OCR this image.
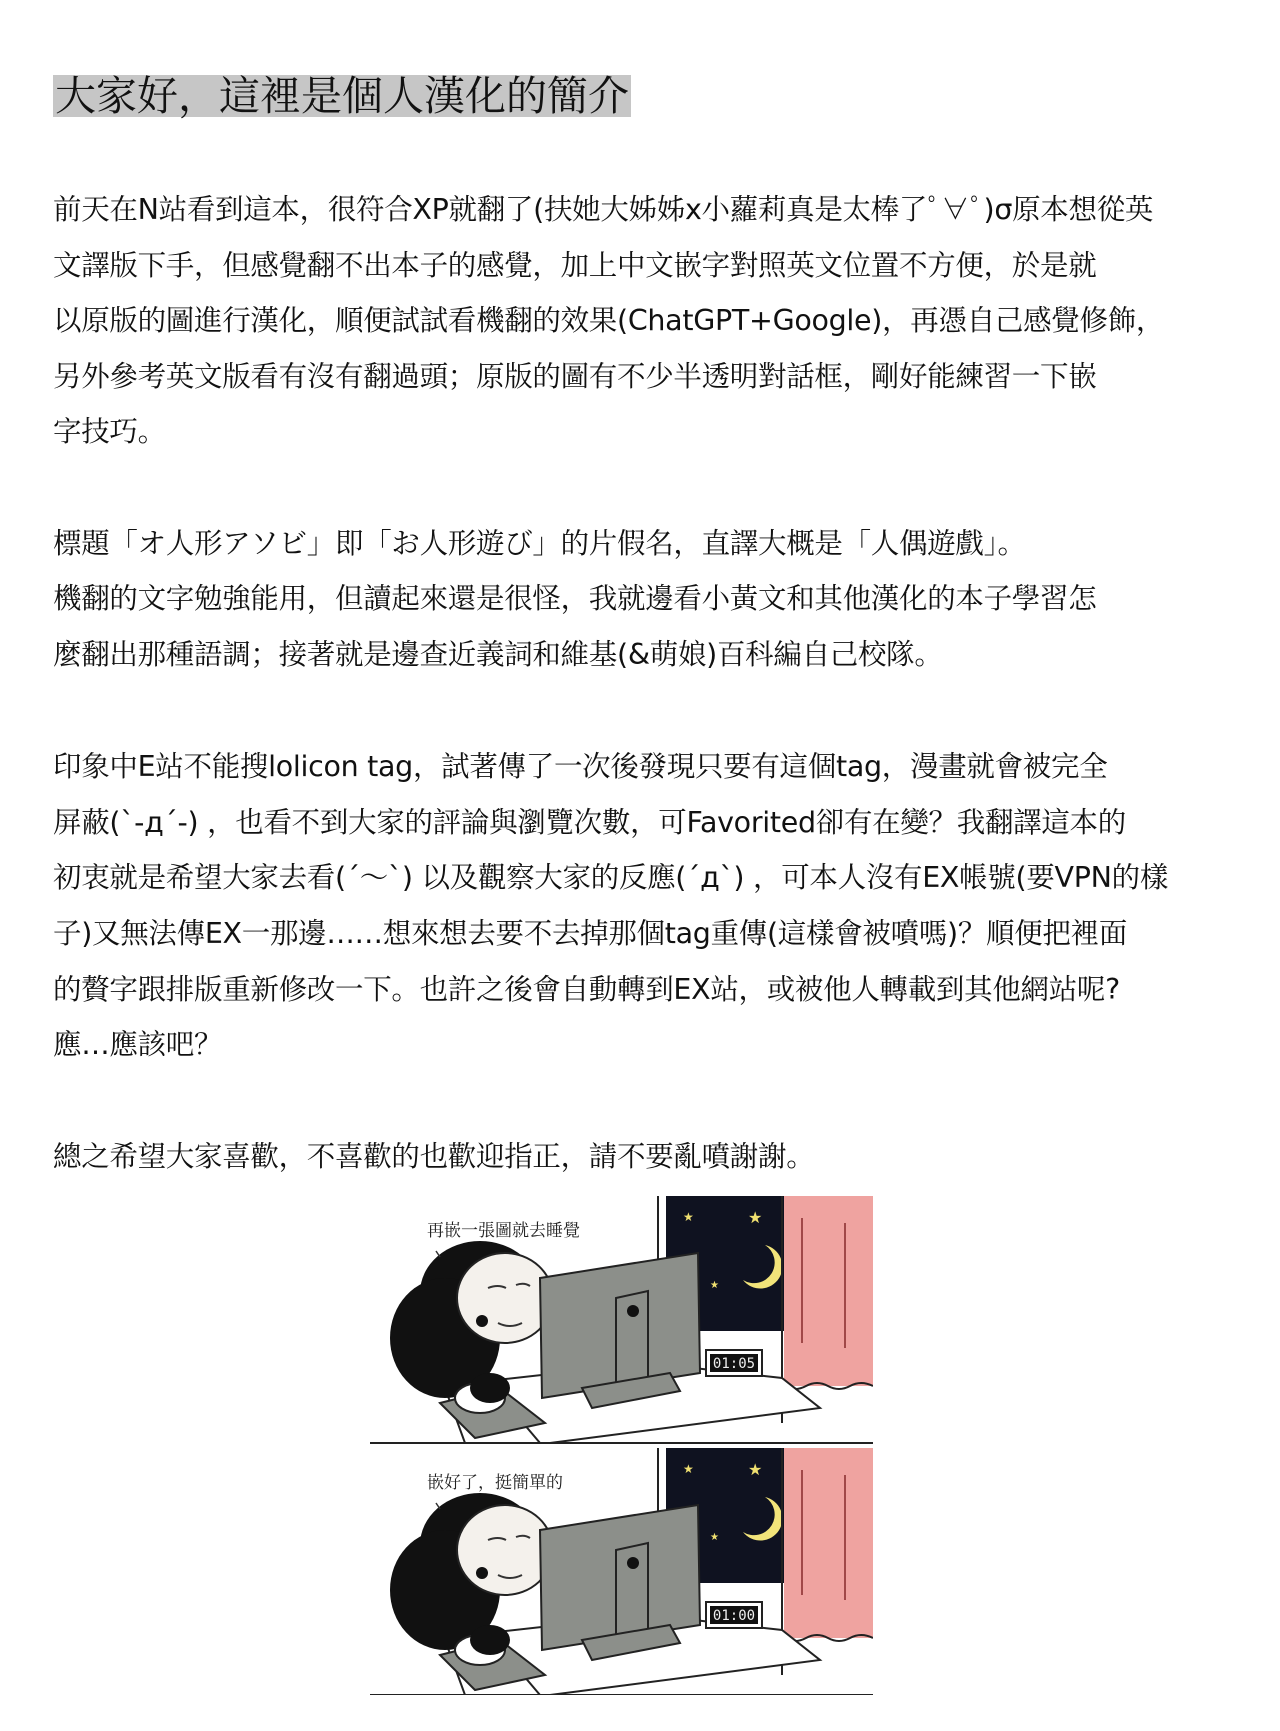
大家好，這裡是個人漢化的簡介
前天在N站看到這本，很符合XP就翻了(扶她大姊姊x小蘿莉真是太棒了ﾟ∀ﾟ)σ原本想從英
文譯版下手，但感覺翻不出本子的感覺，加上中文嵌字對照英文位置不方便，於是就
以原版的圖進行漢化，順便試試看機翻的效果(ChatGPT+Google)，再憑自己感覺修飾，
另外參考英文版看有沒有翻過頭；原版的圖有不少半透明對話框，剛好能練習一下嵌
字技巧。
標題「オ人形アソビ」即「お人形遊び」的片假名，直譯大概是「人偶遊戲」。
機翻的文字勉強能用，但讀起來還是很怪，我就邊看小黃文和其他漢化的本子學習怎
麼翻出那種語調；接著就是邊查近義詞和維基(&萌娘)百科編自己校隊。
印象中E站不能搜lolicon tag，試著傳了一次後發現只要有這個tag，漫畫就會被完全
屏蔽(`-д´-) ，也看不到大家的評論與瀏覽次數，可Favorited卻有在變？我翻譯這本的
初衷就是希望大家去看(´～`) 以及觀察大家的反應(´д`) ，可本人沒有EX帳號(要VPN的樣
子)又無法傳EX一那邊……想來想去要不去掉那個tag重傳(這樣會被噴嗎)？順便把裡面
的贅字跟排版重新修改一下。也許之後會自動轉到EX站，或被他人轉載到其他網站呢?
應…應該吧？
總之希望大家喜歡，不喜歡的也歡迎指正，請不要亂噴謝謝。
再嵌一張圖就去睡覺
01:05
嵌好了，挺簡單的
01:00
